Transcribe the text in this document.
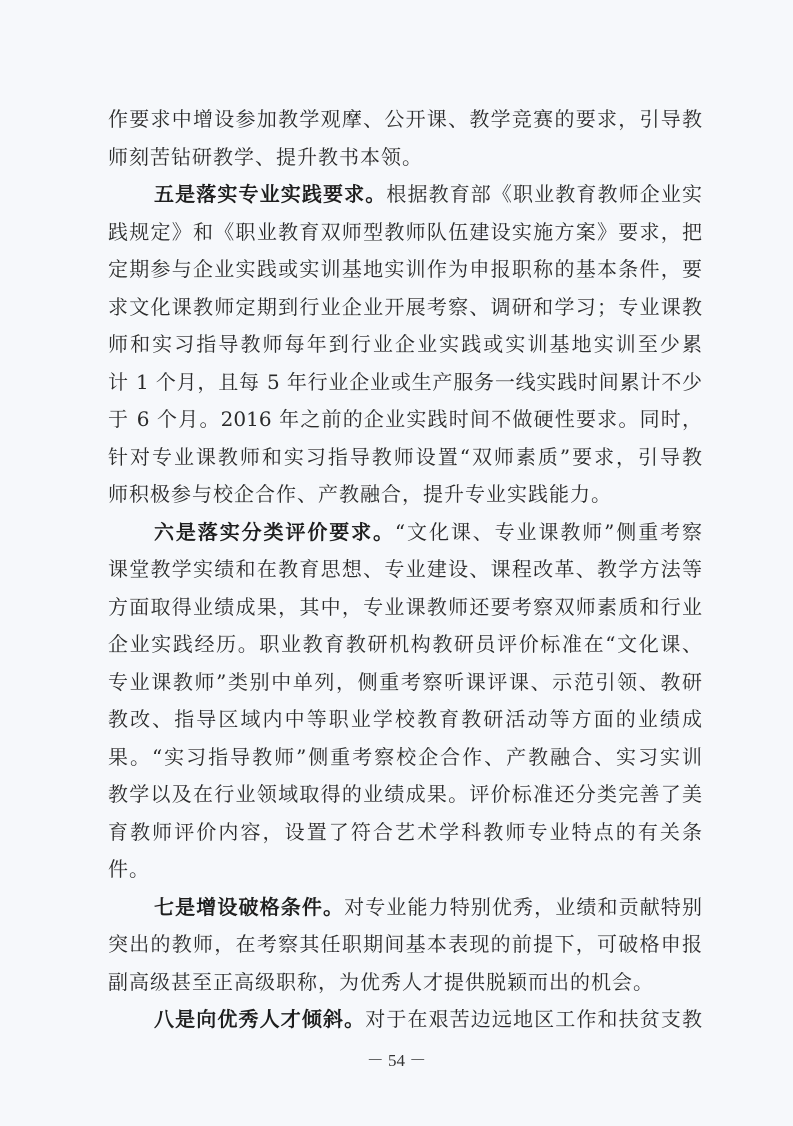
作要求中增设参加教学观摩、公开课、教学竞赛的要求，引导教
师刻苦钻研教学、提升教书本领。
五是落实专业实践要求。根据教育部《职业教育教师企业实
践规定》和《职业教育双师型教师队伍建设实施方案》要求，把
定期参与企业实践或实训基地实训作为申报职称的基本条件，要
求文化课教师定期到行业企业开展考察、调研和学习；专业课教
师和实习指导教师每年到行业企业实践或实训基地实训至少累
计 1 个月，且每 5 年行业企业或生产服务一线实践时间累计不少
于 6 个月。2016 年之前的企业实践时间不做硬性要求。同时，
针对专业课教师和实习指导教师设置“双师素质”要求，引导教
师积极参与校企合作、产教融合，提升专业实践能力。
六是落实分类评价要求。“文化课、专业课教师”侧重考察
课堂教学实绩和在教育思想、专业建设、课程改革、教学方法等
方面取得业绩成果，其中，专业课教师还要考察双师素质和行业
企业实践经历。职业教育教研机构教研员评价标准在“文化课、
专业课教师”类别中单列，侧重考察听课评课、示范引领、教研
教改、指导区域内中等职业学校教育教研活动等方面的业绩成
果。“实习指导教师”侧重考察校企合作、产教融合、实习实训
教学以及在行业领域取得的业绩成果。评价标准还分类完善了美
育教师评价内容，设置了符合艺术学科教师专业特点的有关条
件。
七是增设破格条件。对专业能力特别优秀，业绩和贡献特别
突出的教师，在考察其任职期间基本表现的前提下，可破格申报
副高级甚至正高级职称，为优秀人才提供脱颖而出的机会。
八是向优秀人才倾斜。对于在艰苦边远地区工作和扶贫支教
－ 54 －
